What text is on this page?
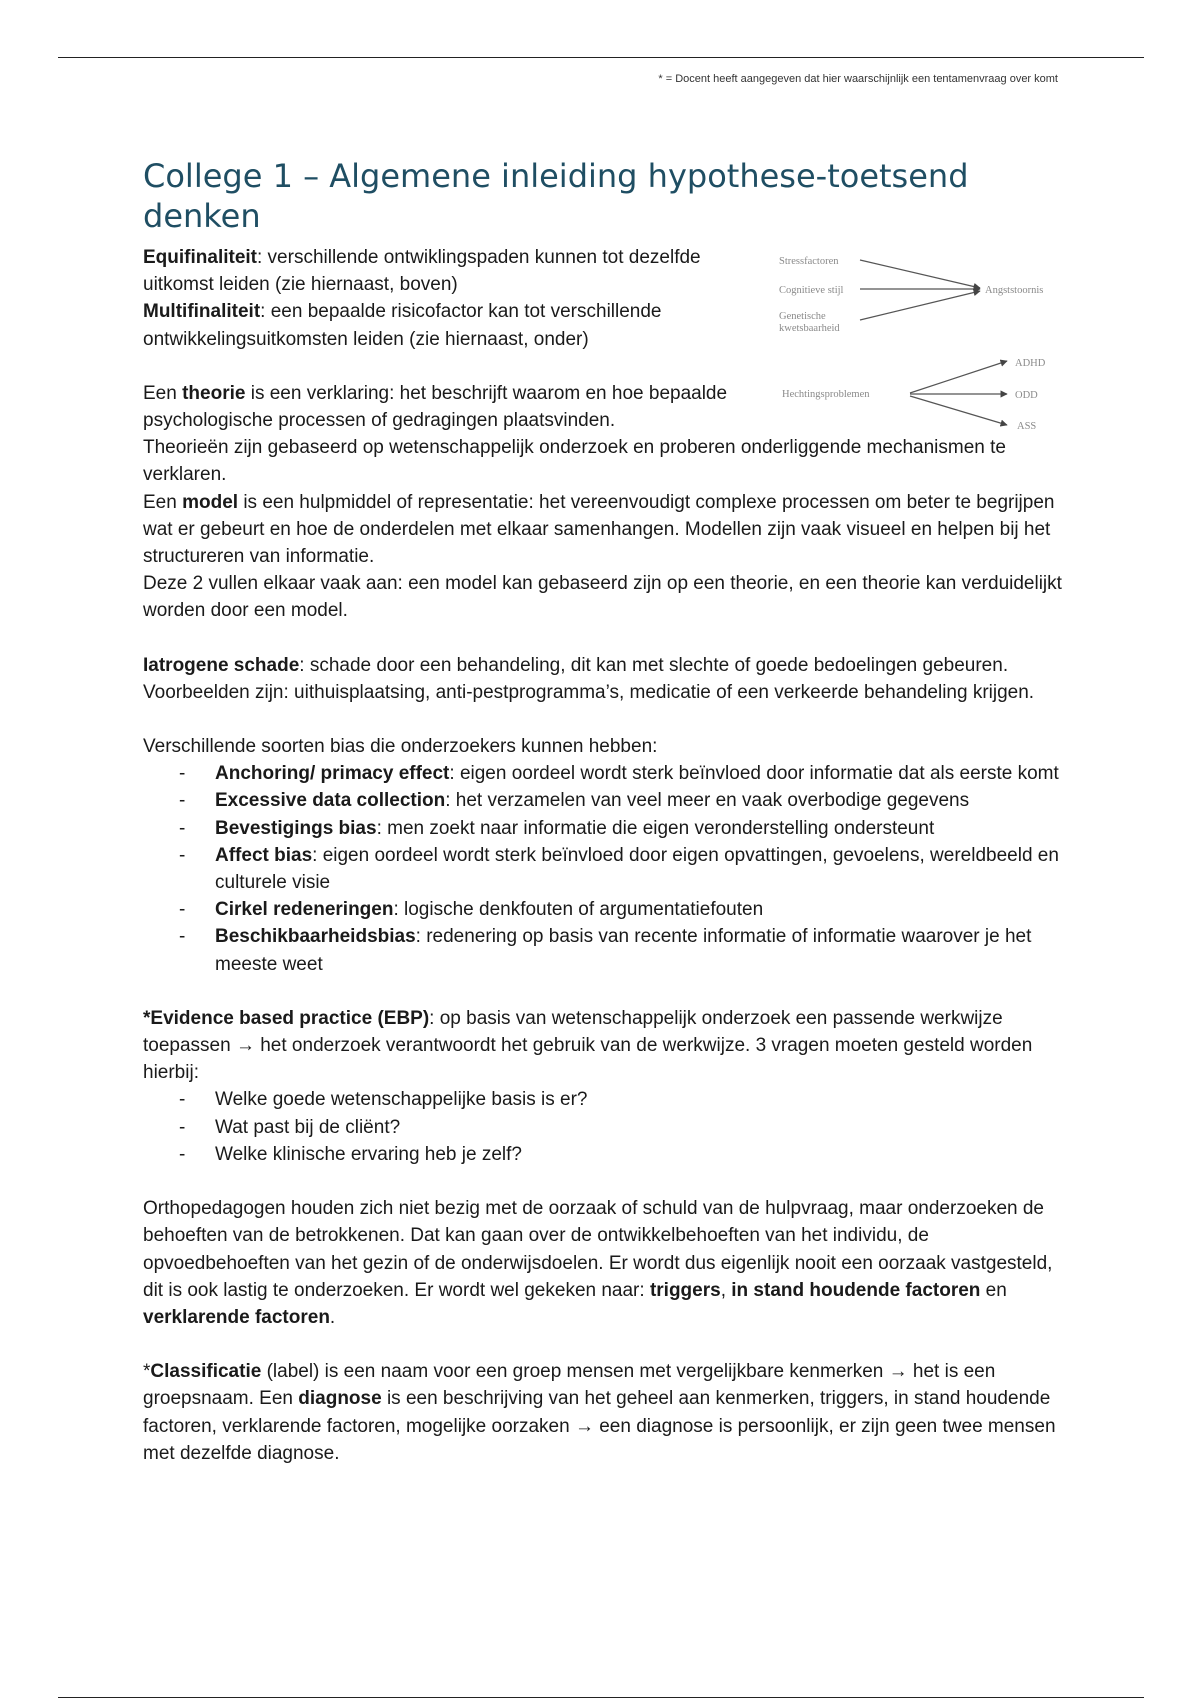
* = Docent heeft aangegeven dat hier waarschijnlijk een tentamenvraag over komt
Stressfactoren
Cognitieve stijl
Genetische
kwetsbaarheid
Angststoornis
Hechtingsproblemen
ADHD
ODD
ASS
College 1 – Algemene inleiding hypothese-toetsend denken

Equifinaliteit: verschillende ontwiklingspaden kunnen tot dezelfde uitkomst leiden (zie hiernaast, boven)

Multifinaliteit: een bepaalde risicofactor kan tot verschillende ontwikkelingsuitkomsten leiden (zie hiernaast, onder)

Een theorie is een verklaring: het beschrijft waarom en hoe bepaalde psychologische processen of gedragingen plaatsvinden.

Theorieën zijn gebaseerd op wetenschappelijk onderzoek en proberen onderliggende mechanismen te verklaren.

Een model is een hulpmiddel of representatie: het vereenvoudigt complexe processen om beter te begrijpen wat er gebeurt en hoe de onderdelen met elkaar samenhangen. Modellen zijn vaak visueel en helpen bij het structureren van informatie.

Deze 2 vullen elkaar vaak aan: een model kan gebaseerd zijn op een theorie, en een theorie kan verduidelijkt worden door een model.

Iatrogene schade: schade door een behandeling, dit kan met slechte of goede bedoelingen gebeuren. Voorbeelden zijn: uithuisplaatsing, anti-pestprogramma’s, medicatie of een verkeerde behandeling krijgen.

Verschillende soorten bias die onderzoekers kunnen hebben:

- Anchoring/ primacy effect: eigen oordeel wordt sterk beïnvloed door informatie dat als eerste komt
- Excessive data collection: het verzamelen van veel meer en vaak overbodige gegevens
- Bevestigings bias: men zoekt naar informatie die eigen veronderstelling ondersteunt
- Affect bias: eigen oordeel wordt sterk beïnvloed door eigen opvattingen, gevoelens, wereldbeeld en culturele visie
- Cirkel redeneringen: logische denkfouten of argumentatiefouten
- Beschikbaarheidsbias: redenering op basis van recente informatie of informatie waarover je het meeste weet

*Evidence based practice (EBP): op basis van wetenschappelijk onderzoek een passende werkwijze toepassen → het onderzoek verantwoordt het gebruik van de werkwijze. 3 vragen moeten gesteld worden hierbij:

- Welke goede wetenschappelijke basis is er?
- Wat past bij de cliënt?
- Welke klinische ervaring heb je zelf?

Orthopedagogen houden zich niet bezig met de oorzaak of schuld van de hulpvraag, maar onderzoeken de behoeften van de betrokkenen. Dat kan gaan over de ontwikkelbehoeften van het individu, de opvoedbehoeften van het gezin of de onderwijsdoelen. Er wordt dus eigenlijk nooit een oorzaak vastgesteld, dit is ook lastig te onderzoeken. Er wordt wel gekeken naar: triggers, in stand houdende factoren en verklarende factoren.

*Classificatie (label) is een naam voor een groep mensen met vergelijkbare kenmerken → het is een groepsnaam. Een diagnose is een beschrijving van het geheel aan kenmerken, triggers, in stand houdende factoren, verklarende factoren, mogelijke oorzaken → een diagnose is persoonlijk, er zijn geen twee mensen met dezelfde diagnose.
